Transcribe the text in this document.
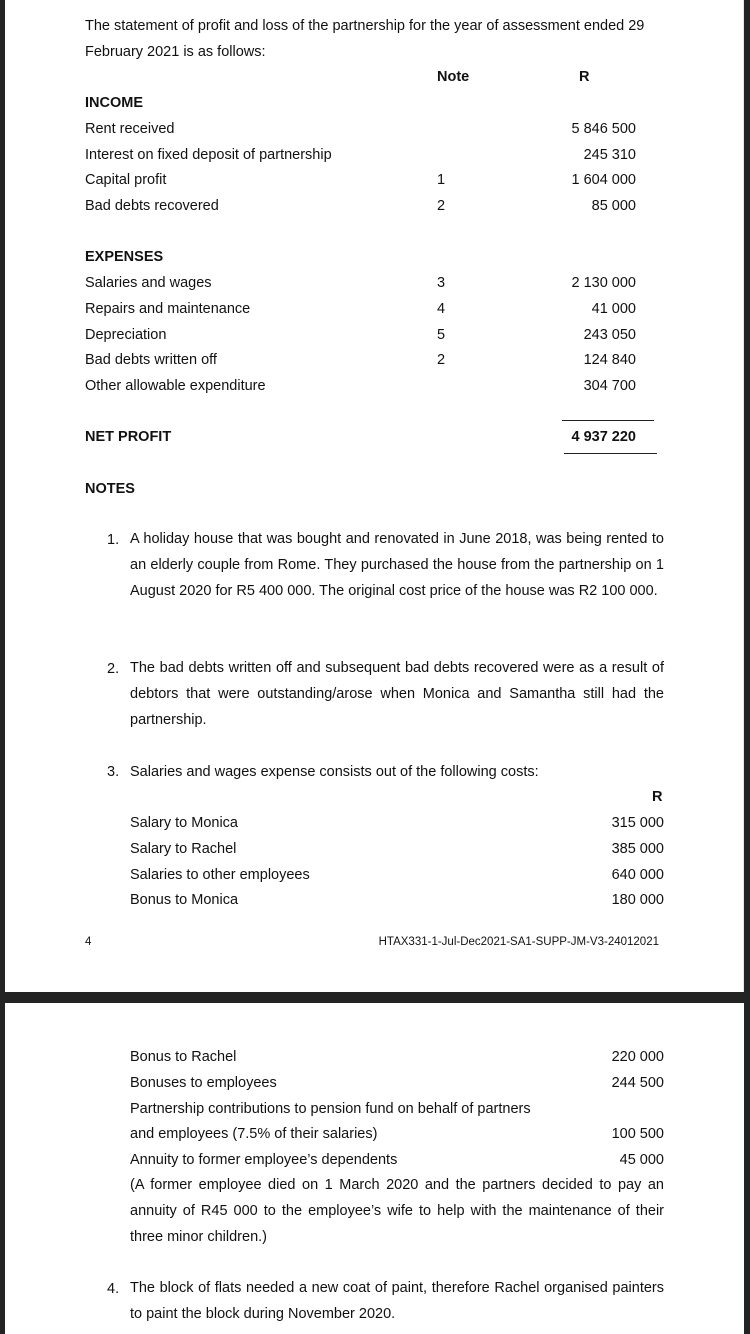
The statement of profit and loss of the partnership for the year of assessment ended 29
February 2021 is as follows:
Note	R
INCOME
Rent received	5 846 500
Interest on fixed deposit of partnership	245 310
Capital profit	1	1 604 000
Bad debts recovered	2	85 000
EXPENSES
Salaries and wages	3	2 130 000
Repairs and maintenance	4	41 000
Depreciation	5	243 050
Bad debts written off	2	124 840
Other allowable expenditure	304 700
NET PROFIT	4 937 220
NOTES
1. A holiday house that was bought and renovated in June 2018, was being rented to an elderly couple from Rome. They purchased the house from the partnership on 1 August 2020 for R5 400 000. The original cost price of the house was R2 100 000.
2. The bad debts written off and subsequent bad debts recovered were as a result of debtors that were outstanding/arose when Monica and Samantha still had the partnership.
3. Salaries and wages expense consists out of the following costs:
R
Salary to Monica	315 000
Salary to Rachel	385 000
Salaries to other employees	640 000
Bonus to Monica	180 000
4	HTAX331-1-Jul-Dec2021-SA1-SUPP-JM-V3-24012021
Bonus to Rachel	220 000
Bonuses to employees	244 500
Partnership contributions to pension fund on behalf of partners
and employees (7.5% of their salaries)	100 500
Annuity to former employee’s dependents	45 000
(A former employee died on 1 March 2020 and the partners decided to pay an annuity of R45 000 to the employee’s wife to help with the maintenance of their three minor children.)
4. The block of flats needed a new coat of paint, therefore Rachel organised painters to paint the block during November 2020.
